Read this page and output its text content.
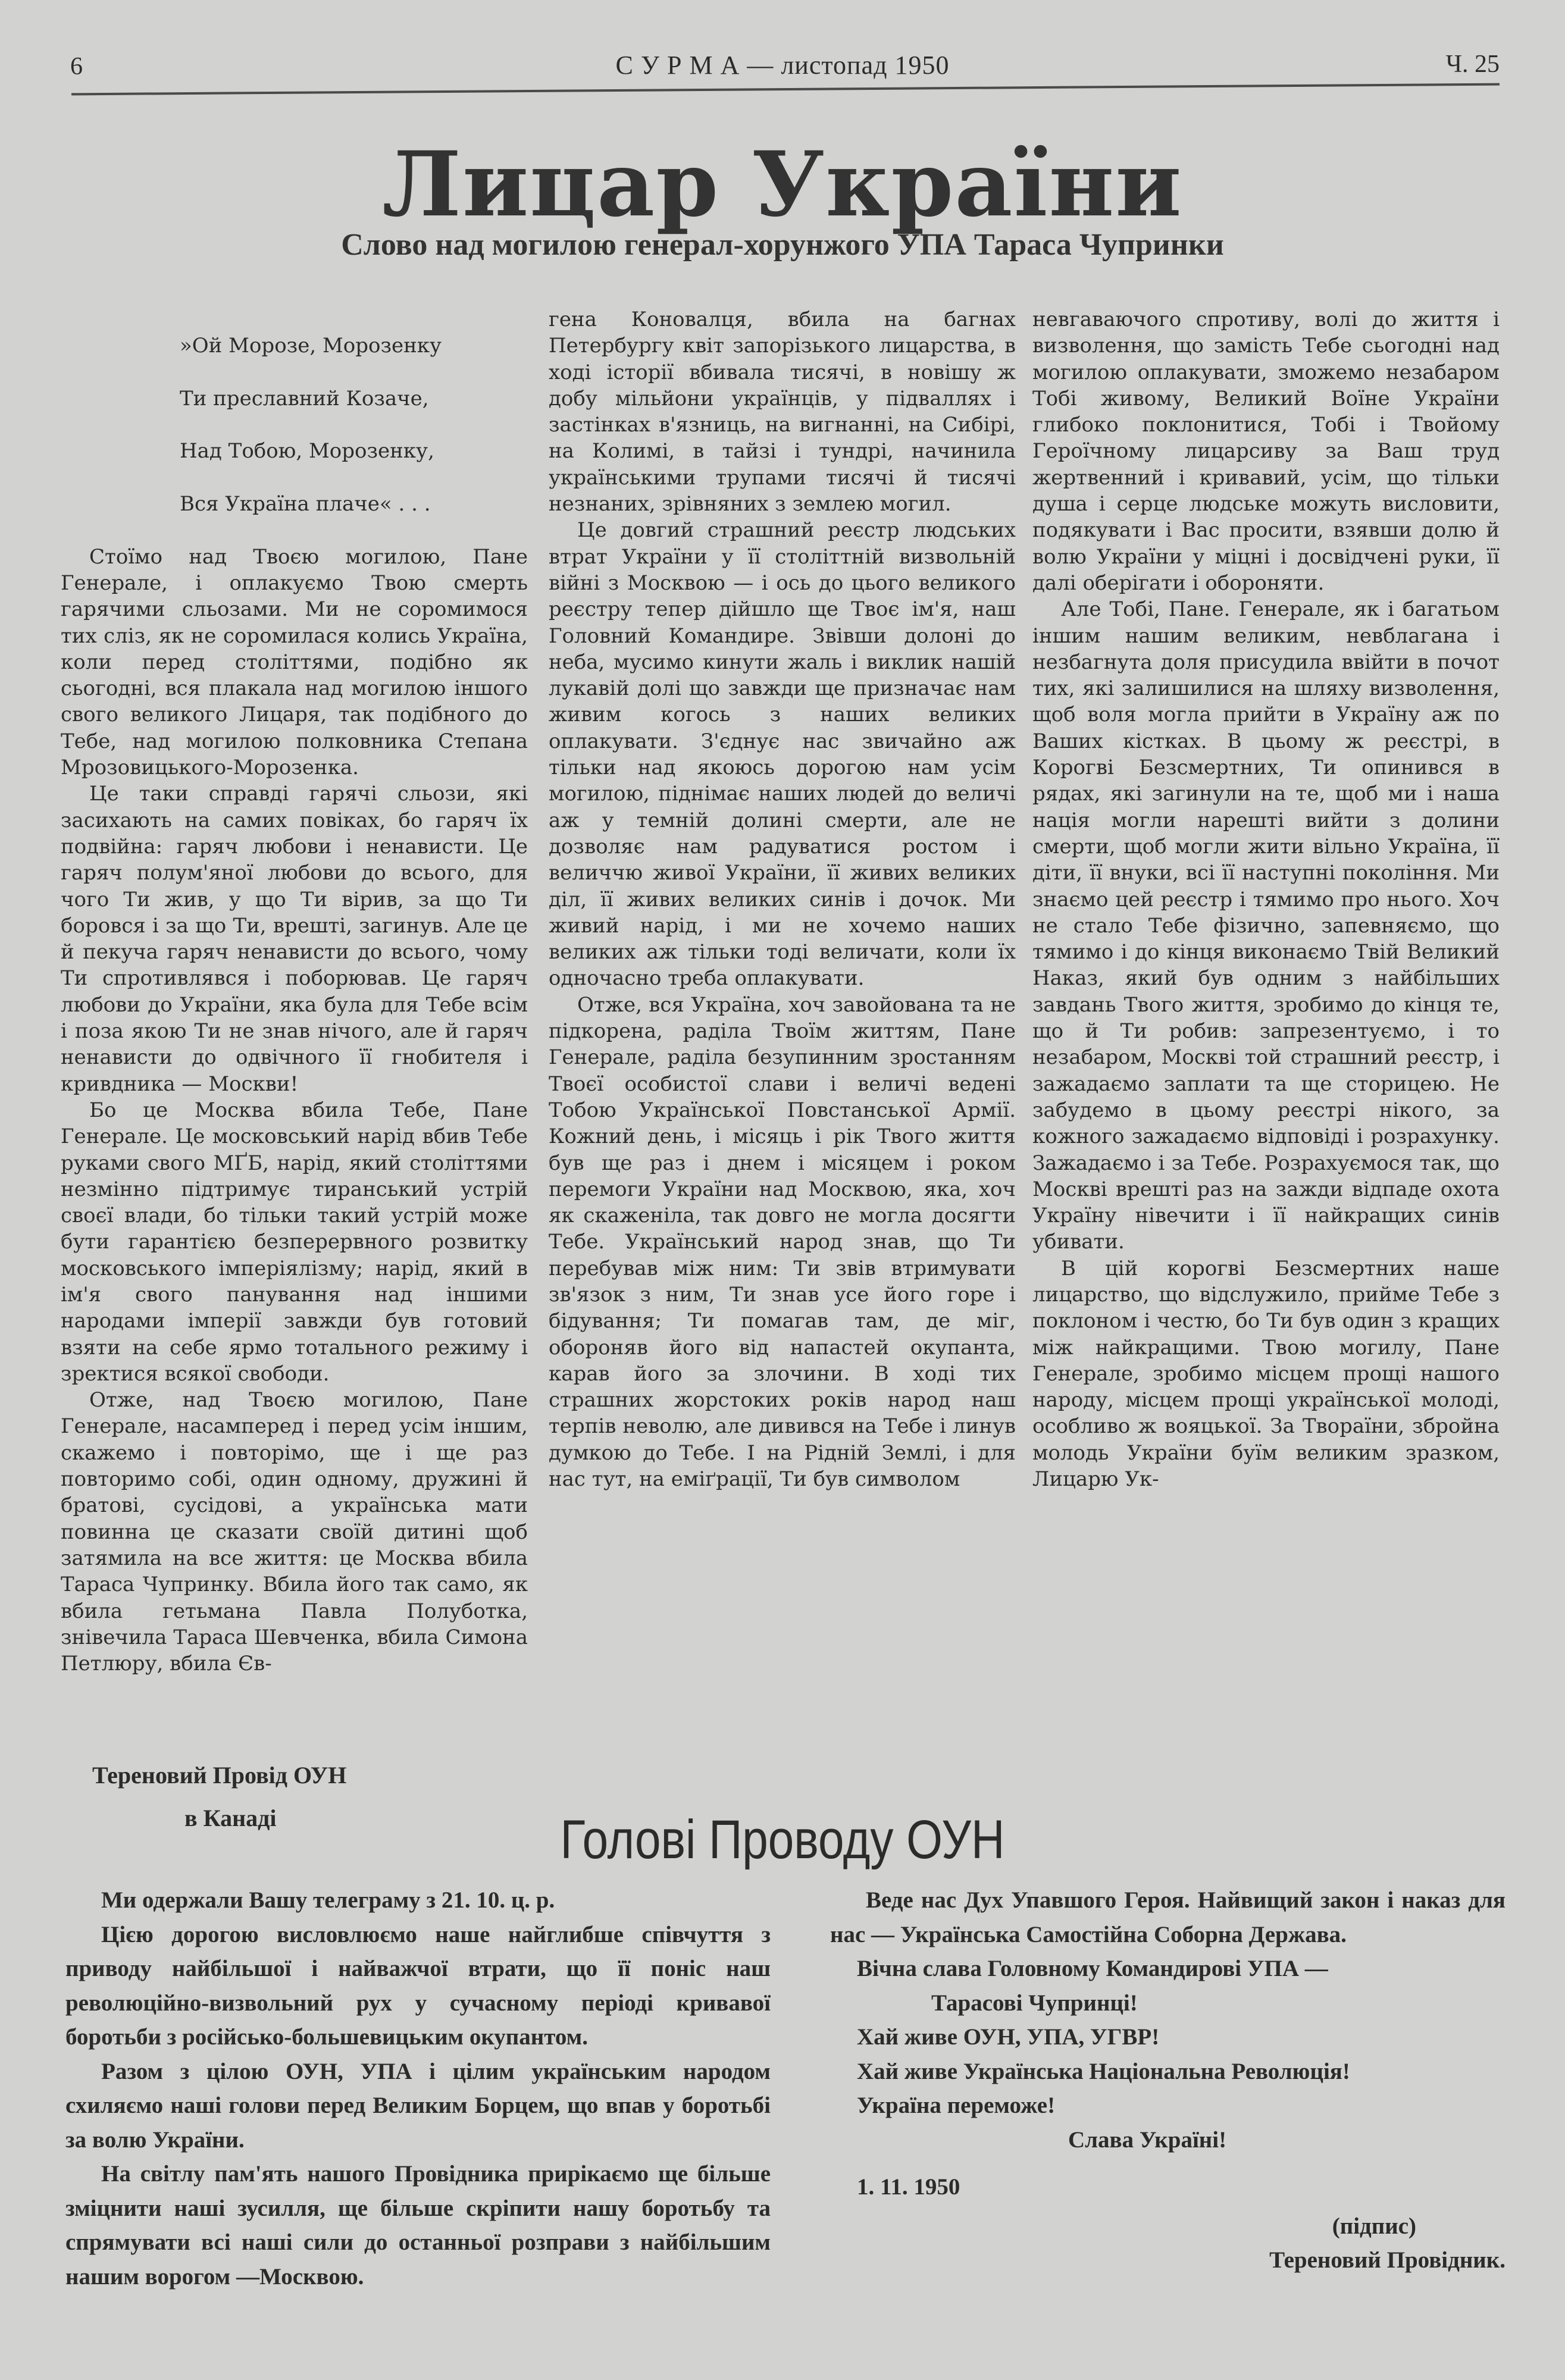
6	С У Р М А — листопад 1950	Ч. 25
Лицар України
Слово над могилою генерал-хорунжого УПА Тараса Чупринки

»Ой Морозе, Морозенку

Ти преславний Козаче,

Над Тобою, Морозенку,

Вся Україна плаче« . . .

Стоїмо над Твоєю могилою, Пане Генерале, і оплакуємо Твою смерть гарячими сльозами. Ми не соромимося тих сліз, як не соромилася колись Україна, коли перед століттями, подібно як сьогодні, вся плакала над могилою іншого свого великого Лицаря, так подібного до Тебе, над могилою полковника Степана Мрозовицького-Морозенка.

Це таки справді гарячі сльози, які засихають на самих повіках, бо гаряч їх подвійна: гаряч любови і ненависти. Це гаряч полум'яної любови до всього, для чого Ти жив, у що Ти вірив, за що Ти боровся і за що Ти, врешті, загинув. Але це й пекуча гаряч ненависти до всього, чому Ти спротивлявся і поборював. Це гаряч любови до України, яка була для Тебе всім і поза якою Ти не знав нічого, але й гаряч ненависти до одвічного її гнобителя і кривдника — Москви!

Бо це Москва вбила Тебе, Пане Генерале. Це московський нарід вбив Тебе руками свого МҐБ, нарід, який століттями незмінно підтримує тиранський устрій своєї влади, бо тільки такий устрій може бути гарантією безперервного розвитку московського імперіялізму; нарід, який в ім'я свого панування над іншими народами імперії завжди був готовий взяти на себе ярмо тотального режиму і зректися всякої свободи.

Отже, над Твоєю могилою, Пане Генерале, насамперед і перед усім іншим, скажемо і повторімо, ще і ще раз повторимо собі, один одному, дружині й братові, сусідові, а українська мати повинна це сказати своїй дитині щоб затямила на все життя: це Москва вбила Тараса Чупринку. Вбила його так само, як вбила гетьмана Павла Полуботка, знівечила Тараса Шевченка, вбила Симона Петлюру, вбила Єв-

гена Коновалця, вбила на багнах Петербургу квіт запорізького лицарства, в ході історії вбивала тисячі, в новішу ж добу мільйони українців, у підваллях і застінках в'язниць, на вигнанні, на Сибірі, на Колимі, в тайзі і тундрі, начинила українськими трупами тисячі й тисячі незнаних, зрівняних з землею могил.

Це довгий страшний реєстр людських втрат України у її століттній визвольній війні з Москвою — і ось до цього великого реєстру тепер дійшло ще Твоє ім'я, наш Головний Командире. Звівши долоні до неба, мусимо кинути жаль і виклик нашій лукавій долі що завжди ще призначає нам живим когось з наших великих оплакувати. З'єднує нас звичайно аж тільки над якоюсь дорогою нам усім могилою, піднімає наших людей до величі аж у темній долині смерти, але не дозволяє нам радуватися ростом і величчю живої України, її живих великих діл, її живих великих синів і дочок. Ми живий нарід, і ми не хочемо наших великих аж тільки тоді величати, коли їх одночасно треба оплакувати.

Отже, вся Україна, хоч завойована та не підкорена, раділа Твоїм життям, Пане Генерале, раділа безупинним зростанням Твоєї особистої слави і величі ведені Тобою Української Повстанської Армії. Кожний день, і місяць і рік Твого життя був ще раз і днем і місяцем і роком перемоги України над Москвою, яка, хоч як скаженіла, так довго не могла досягти Тебе. Український народ знав, що Ти перебував між ним: Ти звів втримувати зв'язок з ним, Ти знав усе його горе і бідування; Ти помагав там, де міг, обороняв його від напастей окупанта, карав його за злочини. В ході тих страшних жорстоких років народ наш терпів неволю, але дивився на Тебе і линув думкою до Тебе. І на Рідній Землі, і для нас тут, на еміґрації, Ти був символом

невгаваючого спротиву, волі до життя і визволення, що замість Тебе сьогодні над могилою оплакувати, зможемо незабаром Тобі живому, Великий Воїне України глибоко поклонитися, Тобі і Твойому Героїчному лицарсиву за Ваш труд жертвенний і кривавий, усім, що тільки душа і серце людське можуть висловити, подякувати і Вас просити, взявши долю й волю України у міцні і досвідчені руки, її далі оберігати і обороняти.

Але Тобі, Пане. Генерале, як і багатьом іншим нашим великим, невблагана і незбагнута доля присудила ввійти в почот тих, які залишилися на шляху визволення, щоб воля могла прийти в Україну аж по Ваших кістках. В цьому ж реєстрі, в Корогві Безсмертних, Ти опинився в рядах, які загинули на те, щоб ми і наша нація могли нарешті вийти з долини смерти, щоб могли жити вільно Україна, її діти, її внуки, всі її наступні покоління. Ми знаємо цей реєстр і тямимо про нього. Хоч не стало Тебе фізично, запевняємо, що тямимо і до кінця виконаємо Твій Великий Наказ, який був одним з найбільших завдань Твого життя, зробимо до кінця те, що й Ти робив: запрезентуємо, і то незабаром, Москві той страшний реєстр, і зажадаємо заплати та ще сторицею. Не забудемо в цьому реєстрі нікого, за кожного зажадаємо відповіді і розрахунку. Зажадаємо і за Тебе. Розрахуємося так, що Москві врешті раз на зажди відпаде охота Україну нівечити і її найкращих синів убивати.

В цій корогві Безсмертних наше лицарство, що відслужило, прийме Тебе з поклоном і честю, бо Ти був один з кращих між найкращими. Твою могилу, Пане Генерале, зробимо місцем прощі нашого народу, місцем прощі української молоді, особливо ж вояцької. За Твораїни, збройна молодь України буїм великим зразком, Лицарю Ук-

Тереновий Провід ОУН
в Канаді	Голові Проводу ОУН

Ми одержали Вашу телеграму з 21. 10. ц. р.

Цією дорогою висловлюємо наше найглибше співчуття з приводу найбільшої і найважчої втрати, що її поніс наш революційно-визвольний рух у сучасному періоді кривавої боротьби з російсько-большевицьким окупантом.

Разом з цілою ОУН, УПА і цілим українським народом схиляємо наші голови перед Великим Борцем, що впав у боротьбі за волю України.

На світлу пам'ять нашого Провідника прирікаємо ще більше зміцнити наші зусилля, ще більше скріпити нашу боротьбу та спрямувати всі наші сили до останньої розправи з найбільшим нашим ворогом —Москвою.

Веде нас Дух Упавшого Героя. Найвищий закон і наказ для нас — Українська Самостійна Соборна Держава.

Вічна слава Головному Командирові УПА —

Тарасові Чупринці!

Хай живе ОУН, УПА, УГВР!

Хай живе Українська Національна Революція!

Україна переможе!

Слава Україні!

1. 11. 1950

(підпис)

Тереновий Провідник.
